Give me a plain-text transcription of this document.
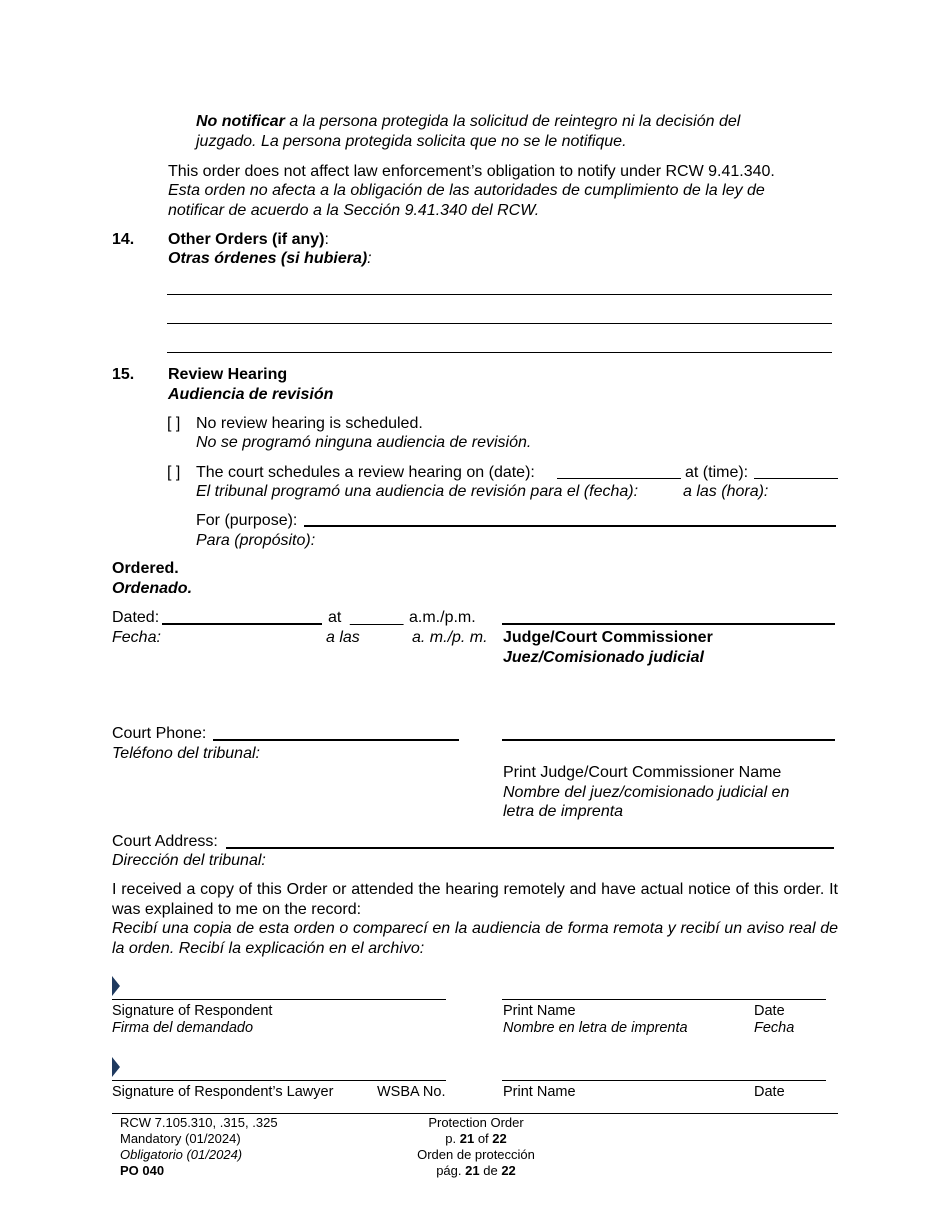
No notificar a la persona protegida la solicitud de reintegro ni la decisión del
juzgado. La persona protegida solicita que no se le notifique.
This order does not affect law enforcement’s obligation to notify under RCW 9.41.340.
Esta orden no afecta a la obligación de las autoridades de cumplimiento de la ley de
notificar de acuerdo a la Sección 9.41.340 del RCW.
14. Other Orders (if any):
Otras órdenes (si hubiera):
15. Review Hearing
Audiencia de revisión
[ ] No review hearing is scheduled.
No se programó ninguna audiencia de revisión.
[ ] The court schedules a review hearing on (date):	at (time):
El tribunal programó una audiencia de revisión para el (fecha):	a las (hora):
For (purpose):
Para (propósito):
Ordered.
Ordenado.
Dated:	at ______ a.m./p.m.
Fecha:	a las	a. m./p. m. Judge/Court Commissioner
Juez/Comisionado judicial
Court Phone:
Teléfono del tribunal:
Print Judge/Court Commissioner Name
Nombre del juez/comisionado judicial en
letra de imprenta
Court Address:
Dirección del tribunal:
I received a copy of this Order or attended the hearing remotely and have actual notice of this order. It was explained to me on the record:
Recibí una copia de esta orden o comparecí en la audiencia de forma remota y recibí un aviso real de la orden. Recibí la explicación en el archivo:
Signature of Respondent
Firma del demandado
Print Name
Nombre en letra de imprenta
Date
Fecha
Signature of Respondent’s Lawyer	WSBA No.	Print Name	Date
RCW 7.105.310, .315, .325
Mandatory (01/2024)
Obligatorio (01/2024)
PO 040
Protection Order
p. 21 of 22
Orden de protección
pág. 21 de 22
